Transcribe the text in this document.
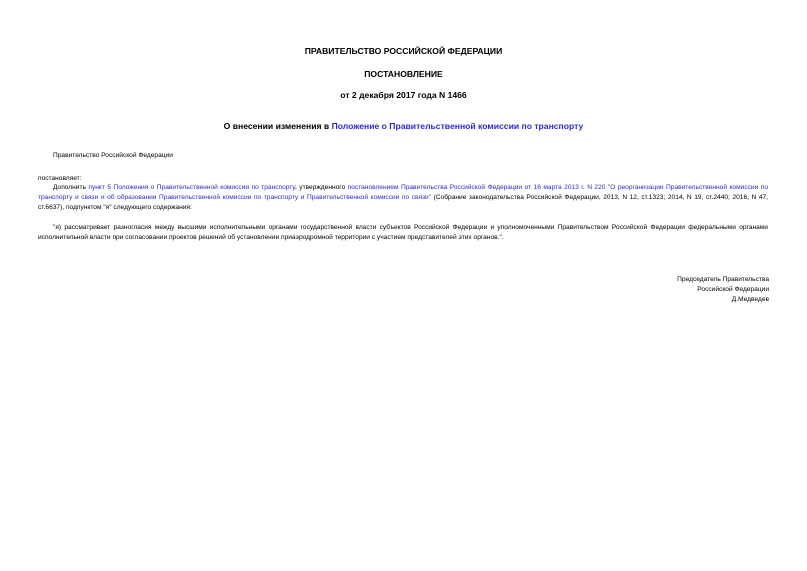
ПРАВИТЕЛЬСТВО РОССИЙСКОЙ ФЕДЕРАЦИИ
ПОСТАНОВЛЕНИЕ
от 2 декабря 2017 года N 1466
О внесении изменения в Положение о Правительственной комиссии по транспорту
Правительство Российской Федерации
постановляет:
Дополнить пункт 5 Положения о Правительственной комиссии по транспорту, утвержденного постановлением Правительства Российской Федерации от 16 марта 2013 г. N 220 "О реорганизации Правительственной комиссии по транспорту и связи и об образовании Правительственной комиссии по транспорту и Правительственной комиссии по связи" (Собрание законодательства Российской Федерации, 2013, N 12, ст.1323; 2014, N 19, ст.2440; 2016, N 47, ст.6637), подпунктом "я" следующего содержания:
"я) рассматривает разногласия между высшими исполнительными органами государственной власти субъектов Российской Федерации и уполномоченными Правительством Российской Федерации федеральными органами исполнительной власти при согласовании проектов решений об установлении приаэродромной территории с участием представителей этих органов.".
Председатель Правительства
Российской Федерации
Д.Медведев
